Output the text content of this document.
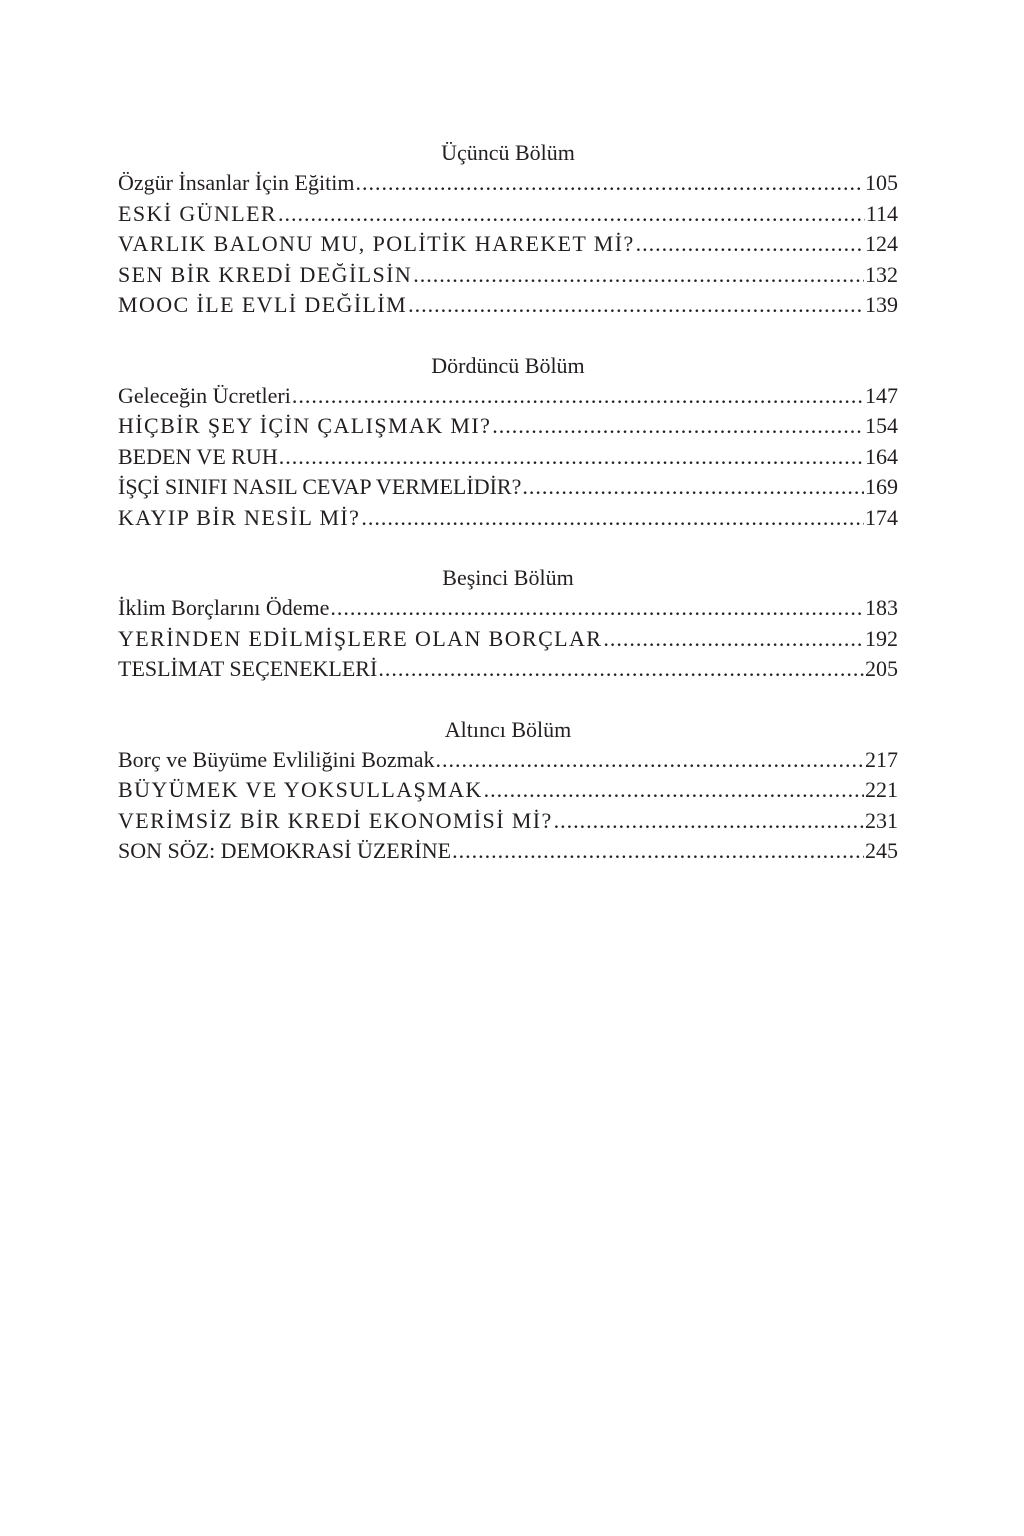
Üçüncü Bölüm
Özgür İnsanlar İçin Eğitim .....	105
ESKİ GÜNLER .....	114
VARLIK BALONU MU, POLİTİK HAREKET Mİ? .....	124
SEN BİR KREDİ DEĞİLSİN .....	132
MOOC İLE EVLİ DEĞİLİM .....	139
Dördüncü Bölüm
Geleceğin Ücretleri .....	147
HİÇBİR ŞEY İÇİN ÇALIŞMAK MI? .....	154
BEDEN VE RUH .....	164
İŞÇİ SINIFI NASIL CEVAP VERMELİDİR? .....	169
KAYIP BİR NESİL Mİ? .....	174
Beşinci Bölüm
İklim Borçlarını Ödeme .....	183
YERİNDEN EDİLMİŞLERE OLAN BORÇLAR .....	192
TESLİMAT SEÇENEKLERİ .....	205
Altıncı Bölüm
Borç ve Büyüme Evliliğini Bozmak .....	217
BÜYÜMEK VE YOKSULLAŞMAK .....	221
VERİMSİZ BİR KREDİ EKONOMİSİ Mİ? .....	231
SON SÖZ: DEMOKRASİ ÜZERİNE .....	245
